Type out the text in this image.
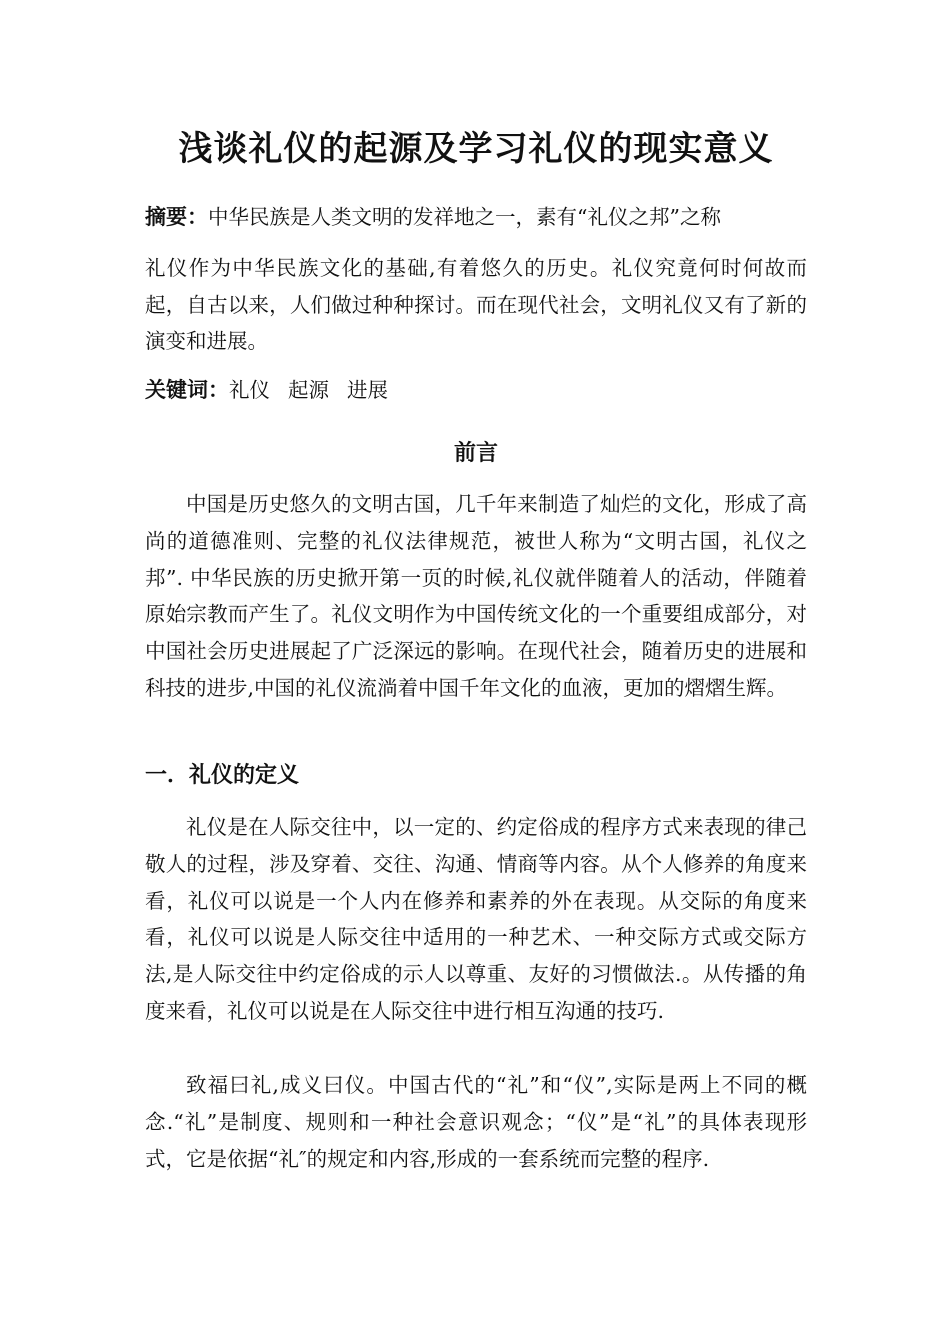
浅谈礼仪的起源及学习礼仪的现实意义
摘要：中华民族是人类文明的发祥地之一，素有“礼仪之邦”之称
礼仪作为中华民族文化的基础,有着悠久的历史。礼仪究竟何时何故而起，自古以来，人们做过种种探讨。而在现代社会，文明礼仪又有了新的演变和进展。
关键词：礼仪 起源 进展
前言

中国是历史悠久的文明古国，几千年来制造了灿烂的文化，形成了高尚的道德准则、完整的礼仪法律规范，被世人称为“文明古国，礼仪之邦”. 中华民族的历史掀开第一页的时候,礼仪就伴随着人的活动，伴随着原始宗教而产生了。礼仪文明作为中国传统文化的一个重要组成部分，对中国社会历史进展起了广泛深远的影响。在现代社会，随着历史的进展和科技的进步,中国的礼仪流淌着中国千年文化的血液，更加的熠熠生辉。

一．礼仪的定义

礼仪是在人际交往中，以一定的、约定俗成的程序方式来表现的律己敬人的过程，涉及穿着、交往、沟通、情商等内容。从个人修养的角度来看，礼仪可以说是一个人内在修养和素养的外在表现。从交际的角度来看，礼仪可以说是人际交往中适用的一种艺术、一种交际方式或交际方法,是人际交往中约定俗成的示人以尊重、友好的习惯做法.。从传播的角度来看，礼仪可以说是在人际交往中进行相互沟通的技巧.

致福曰礼,成义曰仪。中国古代的“礼”和“仪”,实际是两上不同的概念.“礼”是制度、规则和一种社会意识观念；“仪”是“礼”的具体表现形式，它是依据“礼″的规定和内容,形成的一套系统而完整的程序.
